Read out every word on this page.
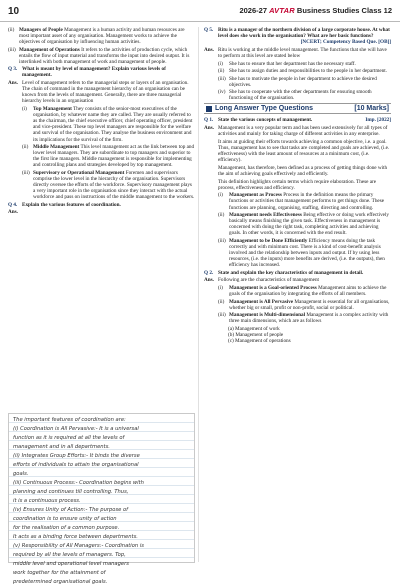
10	2026-27 AVTAR Business Studies Class 12
(ii) Managers of People Management is a human activity and human resources are most important asset of any organisation. Management works to achieve the objectives of organisation by influencing human activities.
(iii) Management of Operations It refers to the activities of production cycle, which entails the flow of input material and transforms the input into desired output. It is interlinked with both management of work and management of people.
Q 3. What is meant by level of management? Explain various levels of management.
Ans. Level of management refers to the managerial steps or layers of an organisation. The chain of command in the management hierarchy of an organisation can be known from the levels of management. Generally, there are three managerial hierarchy levels in an organisation
(i)	Top Management They consists of the senior-most executives of the organisation, by whatever name they are called. They are usually referred to as the chairman, the chief executive officer, chief operating officer, president and vice-president. These top level managers are responsible for the welfare and survival of the organisation. They analyse the business environment and its implications for the survival of the firm.
(ii) Middle Management This level management act as the link between top and lower level managers. They are subordinate to top managers and superior to the first line managers. Middle management is responsible for implementing and controlling plans and strategies developed by top management.
(iii) Supervisory or Operational Management Foremen and supervisors comprise the lower level in the hierarchy of the organisation. Supervisors directly oversee the efforts of the workforce. Supervisory management plays a very important role in the organisation since they interact with the actual workforce and pass on instructions of the middle management to the workers.
Q 4. Explain the various features of coordination.
Ans.
The important features of coordination are:
(i) Coordination is All Pervasive:- It is a universal
function as it is required at all the levels of
management and in all departments.
(ii) Integrates Group Efforts:- It binds the diverse
efforts of individuals to attain the organisational
goals.
(iii) Continuous Process:- Coordination begins with
planning and continues till controlling. Thus,
it is a continuous process.
(iv) Ensures Unity of Action:- The purpose of
coordination is to ensure unity of action
for the realisation of a common purpose.
It acts as a binding force between departments.
(v) Responsibility of All Managers:- Coordination is
required by all the levels of managers. Top,
middle level and operational level managers
work together for the attainment of
predetermined organisational goals.
Q 5. Ritu is a manager of the northern division of a large corporate house. At what level does she work in the organisation? What are her basic functions?

[NCERT; Competency Based Que. [OB]]
Ans. Ritu is working at the middle level management. The functions that she will have to perform at this level are stated below
(i)	She has to ensure that her department has the necessary staff.
(ii) She has to assign duties and responsibilities to the people in her department.
(iii) She has to motivate the people in her department to achieve the desired objectives.
(iv) She has to cooperate with the other departments for ensuring smooth functioning of the organisation.
Long Answer Type Questions	[10 Marks]
Q 1. State the various concepts of management.	Imp. [2022]
Ans. Management is a very popular term and has been used extensively for all types of activities and mainly for taking charge of different activities in any enterprise.
It aims at guiding their efforts towards achieving a common objective, i.e. a goal. Thus, management has to see that tasks are completed and goals are achieved, (i.e. effectiveness) with the least amount of resources at a minimum cost, (i.e. efficiency).
Management, has therefore, been defined as a process of getting things done with the aim of achieving goals effectively and efficiently.
This definition highlights certain terms which require elaboration. These are process, effectiveness and efficiency.
(i)	Management as Process Process in the definition means the primary functions or activities that management performs to get things done. These functions are planning, organising, staffing, directing and controlling.
(ii) Management needs Effectiveness Being effective or doing work effectively basically means finishing the given task. Effectiveness in management is concerned with doing the right task, completing activities and achieving goals. In other words, it is concerned with the end result.
(iii) Management to be Done Efficiently Efficiency means doing the task correctly and with minimum cost. There is a kind of cost-benefit analysis involved and the relationship between inputs and output. If by using less resources, (i.e. the inputs) more benefits are derived, (i.e. the outputs), then efficiency has increased.
Q 2. State and explain the key characteristics of management in detail.
Ans. Following are the characteristics of management
(i)	Management is a Goal-oriented Process Management aims to achieve the goals of the organisation by integrating the efforts of all members.
(ii) Management is All Pervasive Management is essential for all organisations, whether big or small, profit or non-profit, social or political.
(iii) Management is Multi-dimensional Management is a complex activity with three main dimensions, which are as follows
(a) Management of work
(b) Management of people
(c) Management of operations
